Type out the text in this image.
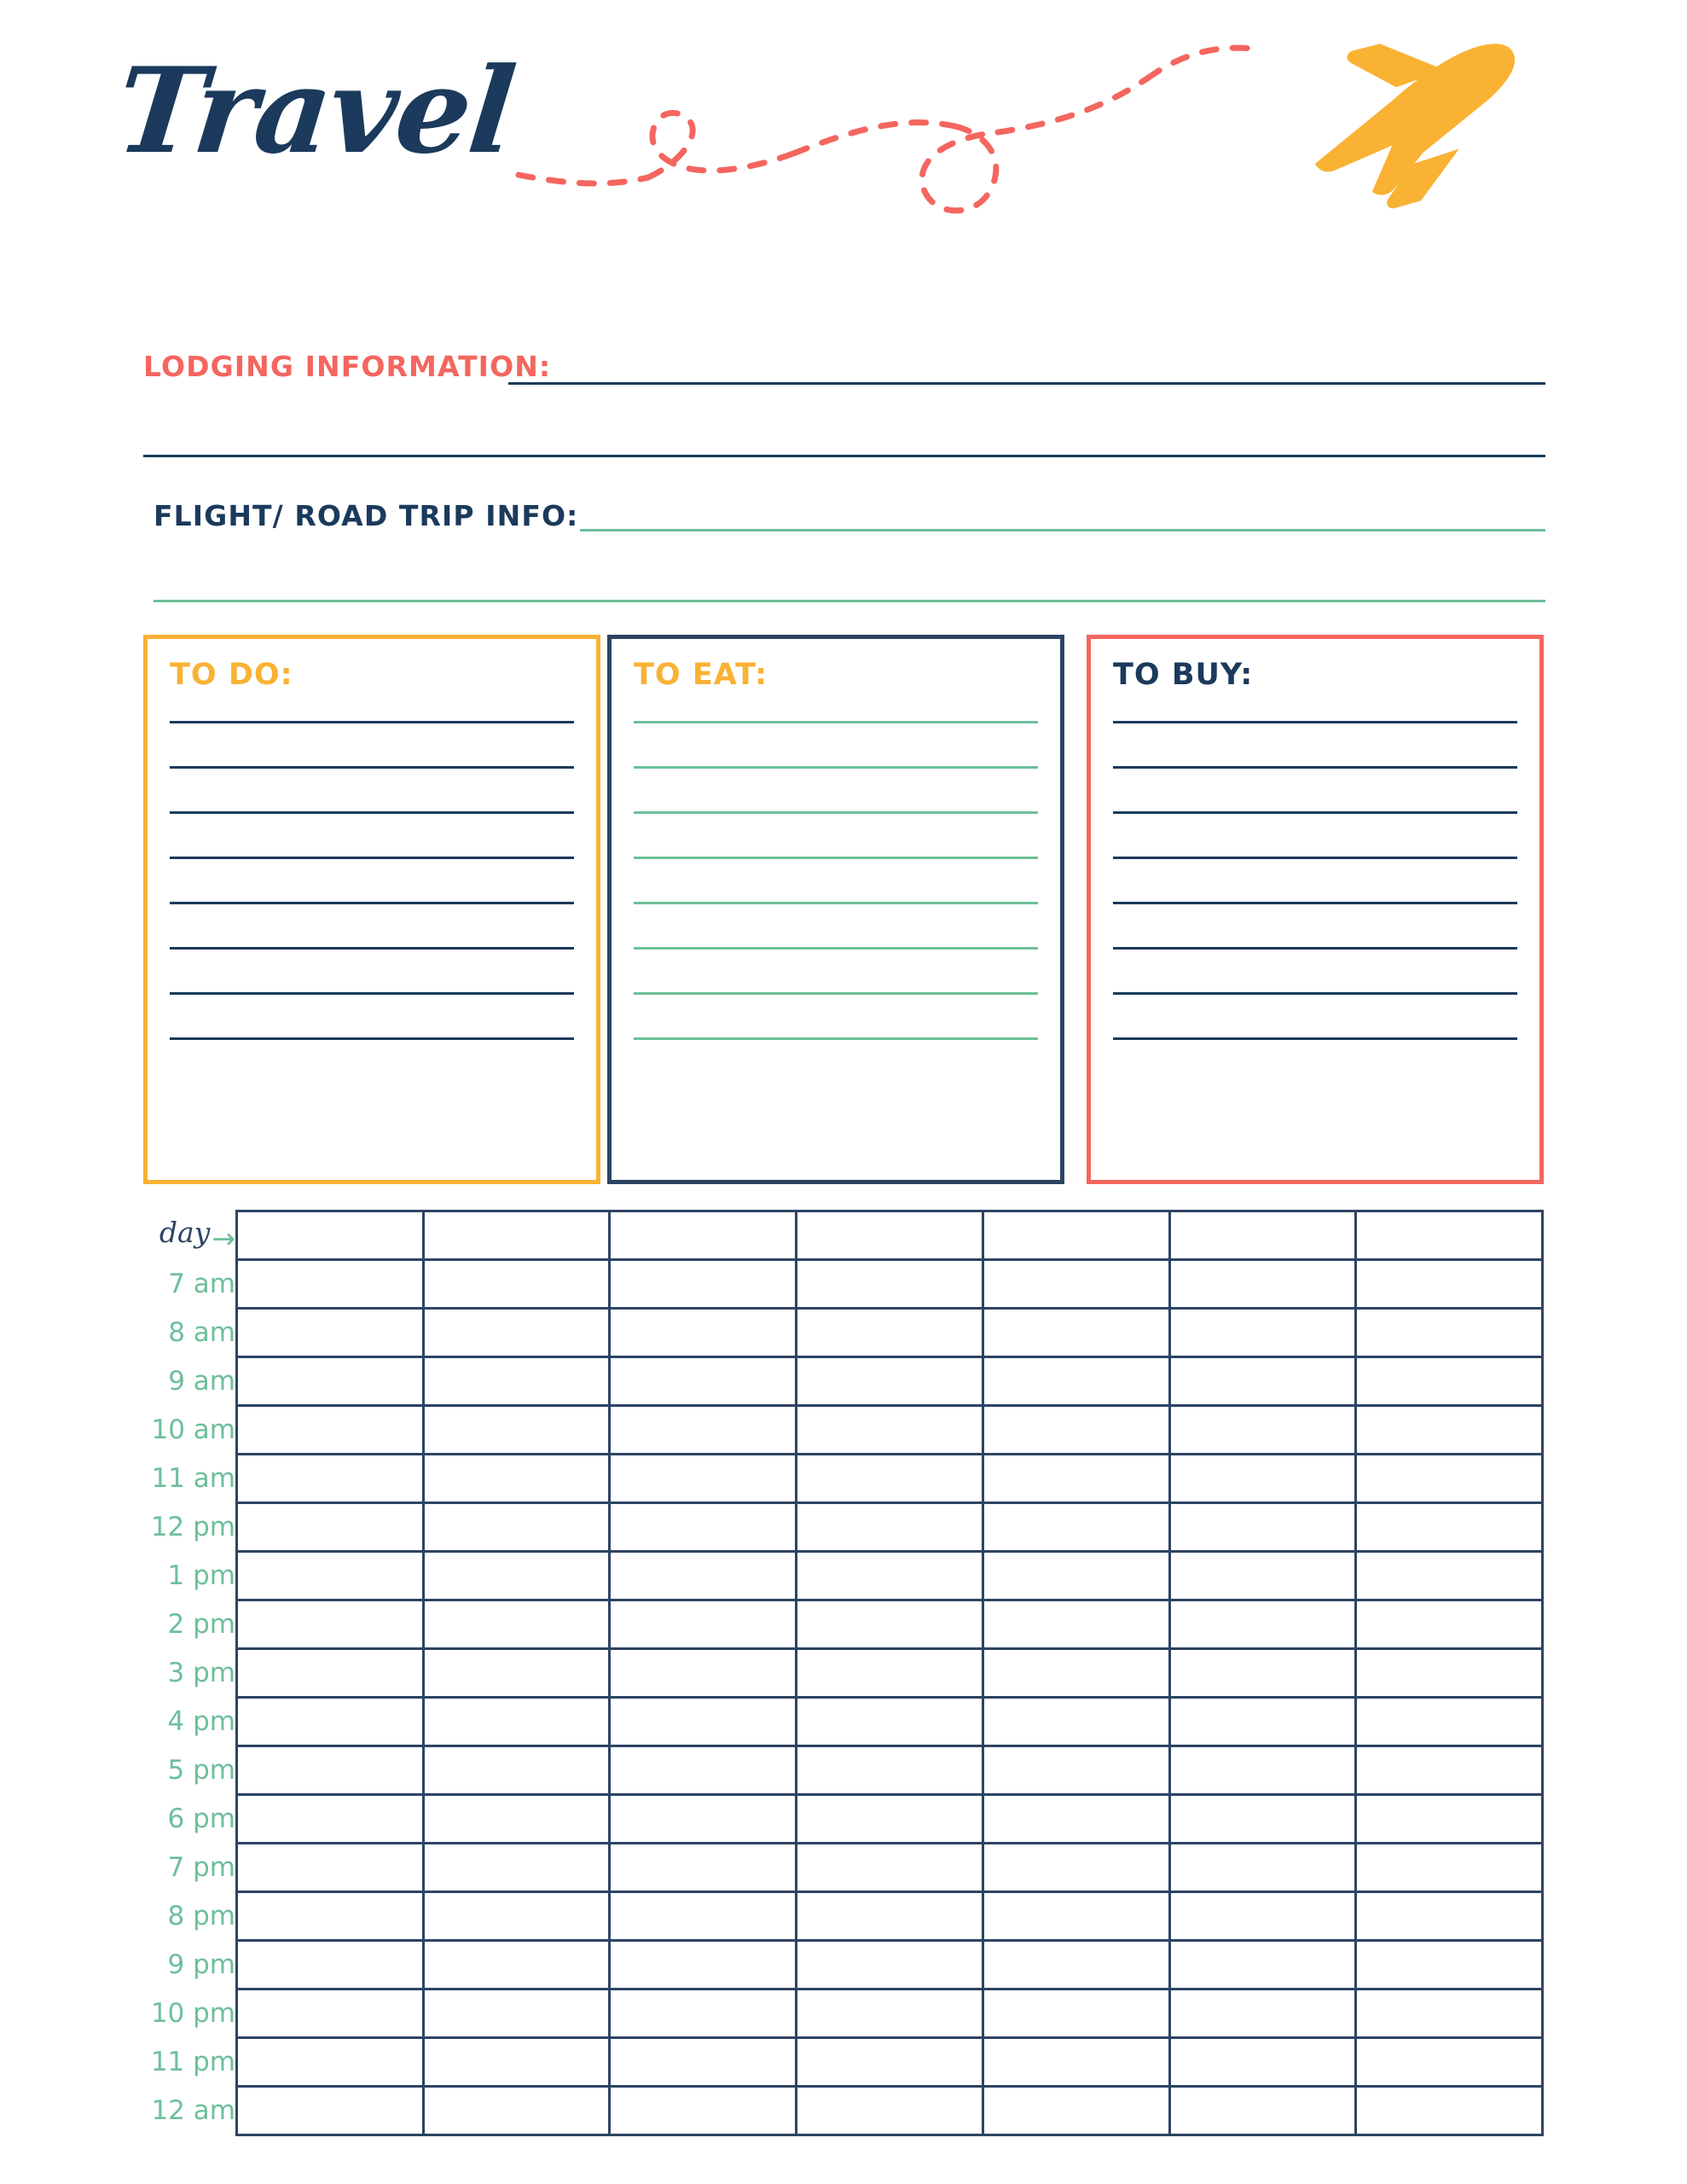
Travel
LODGING INFORMATION:
FLIGHT/ ROAD TRIP INFO:
TO DO:	TO EAT:	TO BUY:
day→							
7 am							
8 am							
9 am							
10 am							
11 am							
12 pm							
1 pm							
2 pm							
3 pm							
4 pm							
5 pm							
6 pm							
7 pm							
8 pm							
9 pm							
10 pm							
11 pm							
12 am							
